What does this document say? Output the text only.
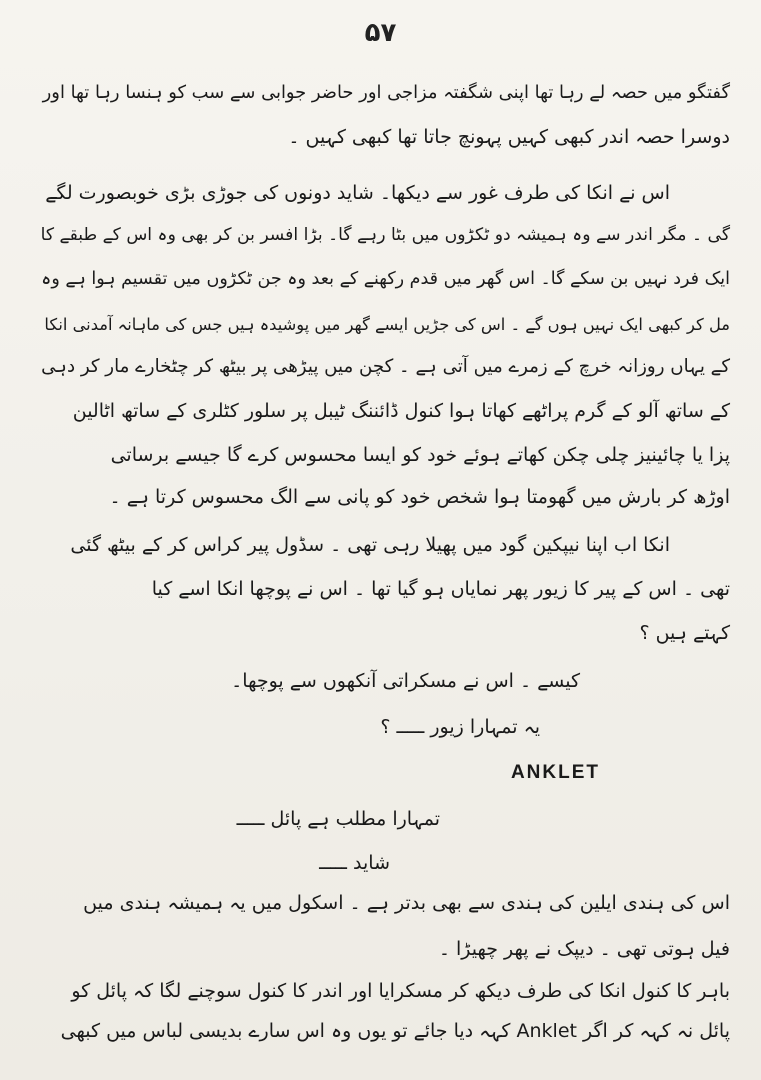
۵۷
گفتگو میں حصہ لے رہا تھا اپنی شگفتہ مزاجی اور حاضر جوابی سے سب کو ہنسا رہا تھا اور
دوسرا حصہ اندر کبھی کہیں پہونچ جاتا تھا کبھی کہیں ۔
اس نے انکا کی طرف غور سے دیکھا۔ شاید دونوں کی جوڑی بڑی خوبصورت لگے
گی ۔ مگر اندر سے وہ ہمیشہ دو ٹکڑوں میں بٹا رہے گا۔ بڑا افسر بن کر بھی وہ اس کے طبقے کا
ایک فرد نہیں بن سکے گا۔ اس گھر میں قدم رکھنے کے بعد وہ جن ٹکڑوں میں تقسیم ہوا ہے وہ
مل کر کبھی ایک نہیں ہوں گے ۔ اس کی جڑیں ایسے گھر میں پوشیدہ ہیں جس کی ماہانہ آمدنی انکا
کے یہاں روزانہ خرچ کے زمرے میں آتی ہے ۔ کچن میں پیڑھی پر بیٹھ کر چٹخارے مار کر دہی
کے ساتھ آلو کے گرم پراٹھے کھاتا ہوا کنول ڈائننگ ٹیبل پر سلور کٹلری کے ساتھ اٹالین
پزا یا چائینیز چلی چکن کھاتے ہوئے خود کو ایسا محسوس کرے گا جیسے برساتی
اوڑھ کر بارش میں گھومتا ہوا شخص خود کو پانی سے الگ محسوس کرتا ہے ۔
انکا اب اپنا نیپکین گود میں پھیلا رہی تھی ۔ سڈول پیر کراس کر کے بیٹھ گئی
تھی ۔ اس کے پیر کا زیور پھر نمایاں ہو گیا تھا ۔ اس نے پوچھا انکا اسے کیا
کہتے ہیں ؟
کیسے ۔ اس نے مسکراتی آنکھوں سے پوچھا۔
یہ تمہارا زیور ـــــ ؟
ANKLET
تمہارا مطلب ہے پائل ـــــ
شاید ـــــ
اس کی ہندی ایلین کی ہندی سے بھی بدتر ہے ۔ اسکول میں یہ ہمیشہ ہندی میں
فیل ہوتی تھی ۔ دیپک نے پھر چھیڑا ۔
باہر کا کنول انکا کی طرف دیکھ کر مسکرایا اور اندر کا کنول سوچنے لگا کہ پائل کو
پائل نہ کہہ کر اگر Anklet کہہ دیا جائے تو یوں وہ اس سارے بدیسی لباس میں کبھی
